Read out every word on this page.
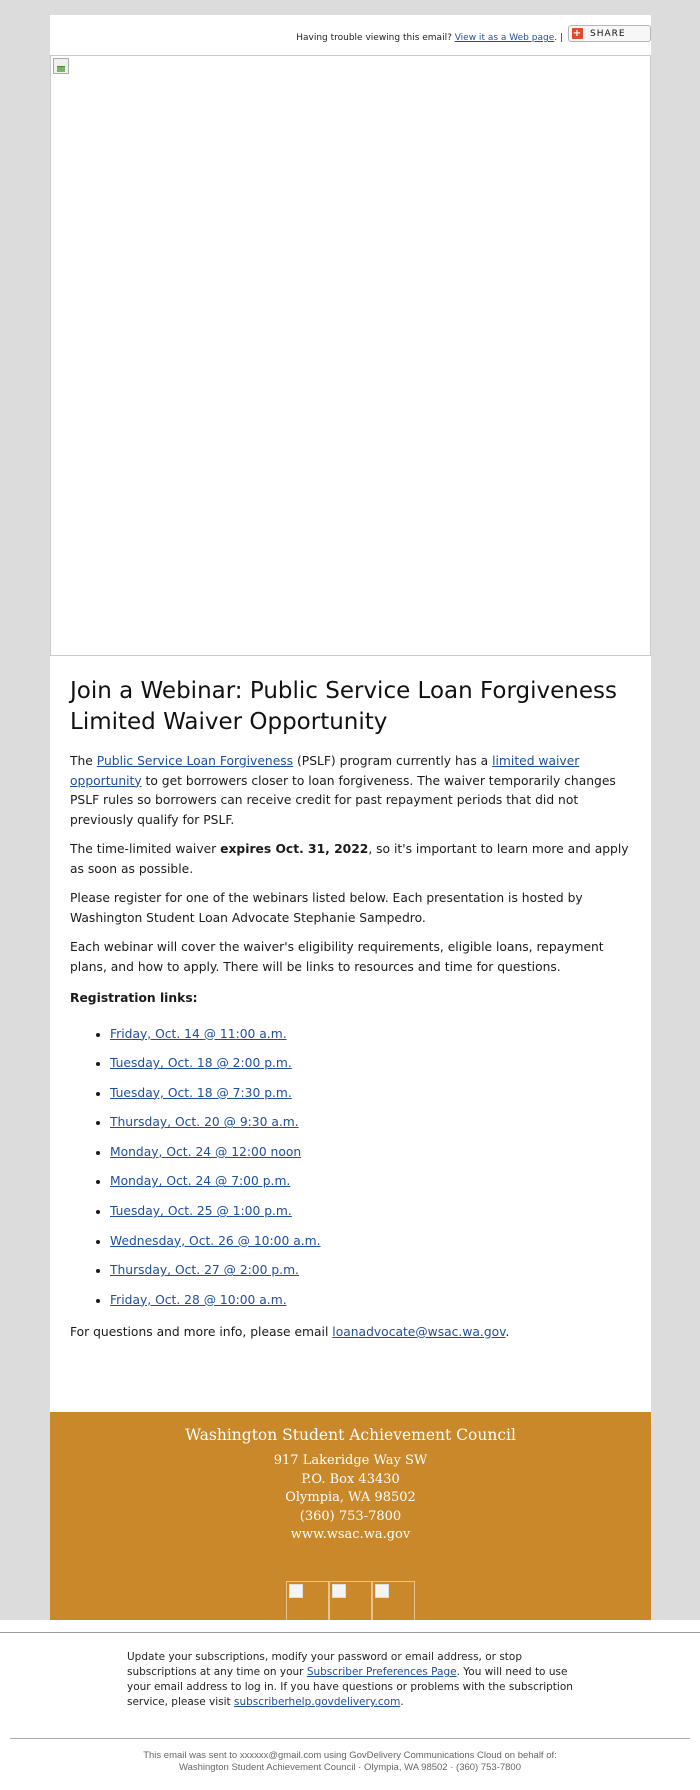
Having trouble viewing this email? View it as a Web page. | + SHARE
Join a Webinar: Public Service Loan Forgiveness Limited Waiver Opportunity

The Public Service Loan Forgiveness (PSLF) program currently has a limited waiver opportunity to get borrowers closer to loan forgiveness. The waiver temporarily changes PSLF rules so borrowers can receive credit for past repayment periods that did not previously qualify for PSLF.

The time-limited waiver expires Oct. 31, 2022, so it's important to learn more and apply as soon as possible.

Please register for one of the webinars listed below. Each presentation is hosted by Washington Student Loan Advocate Stephanie Sampedro.

Each webinar will cover the waiver's eligibility requirements, eligible loans, repayment plans, and how to apply. There will be links to resources and time for questions.

Registration links:

• Friday, Oct. 14 @ 11:00 a.m.
• Tuesday, Oct. 18 @ 2:00 p.m.
• Tuesday, Oct. 18 @ 7:30 p.m.
• Thursday, Oct. 20 @ 9:30 a.m.
• Monday, Oct. 24 @ 12:00 noon
• Monday, Oct. 24 @ 7:00 p.m.
• Tuesday, Oct. 25 @ 1:00 p.m.
• Wednesday, Oct. 26 @ 10:00 a.m.
• Thursday, Oct. 27 @ 2:00 p.m.
• Friday, Oct. 28 @ 10:00 a.m.

For questions and more info, please email loanadvocate@wsac.wa.gov.

Washington Student Achievement Council
917 Lakeridge Way SW
P.O. Box 43430
Olympia, WA 98502
(360) 753-7800
www.wsac.wa.gov
Update your subscriptions, modify your password or email address, or stop subscriptions at any time on your Subscriber Preferences Page. You will need to use your email address to log in. If you have questions or problems with the subscription service, please visit subscriberhelp.govdelivery.com.
This email was sent to xxxxxx@gmail.com using GovDelivery Communications Cloud on behalf of:
Washington Student Achievement Council · Olympia, WA 98502 · (360) 753-7800
